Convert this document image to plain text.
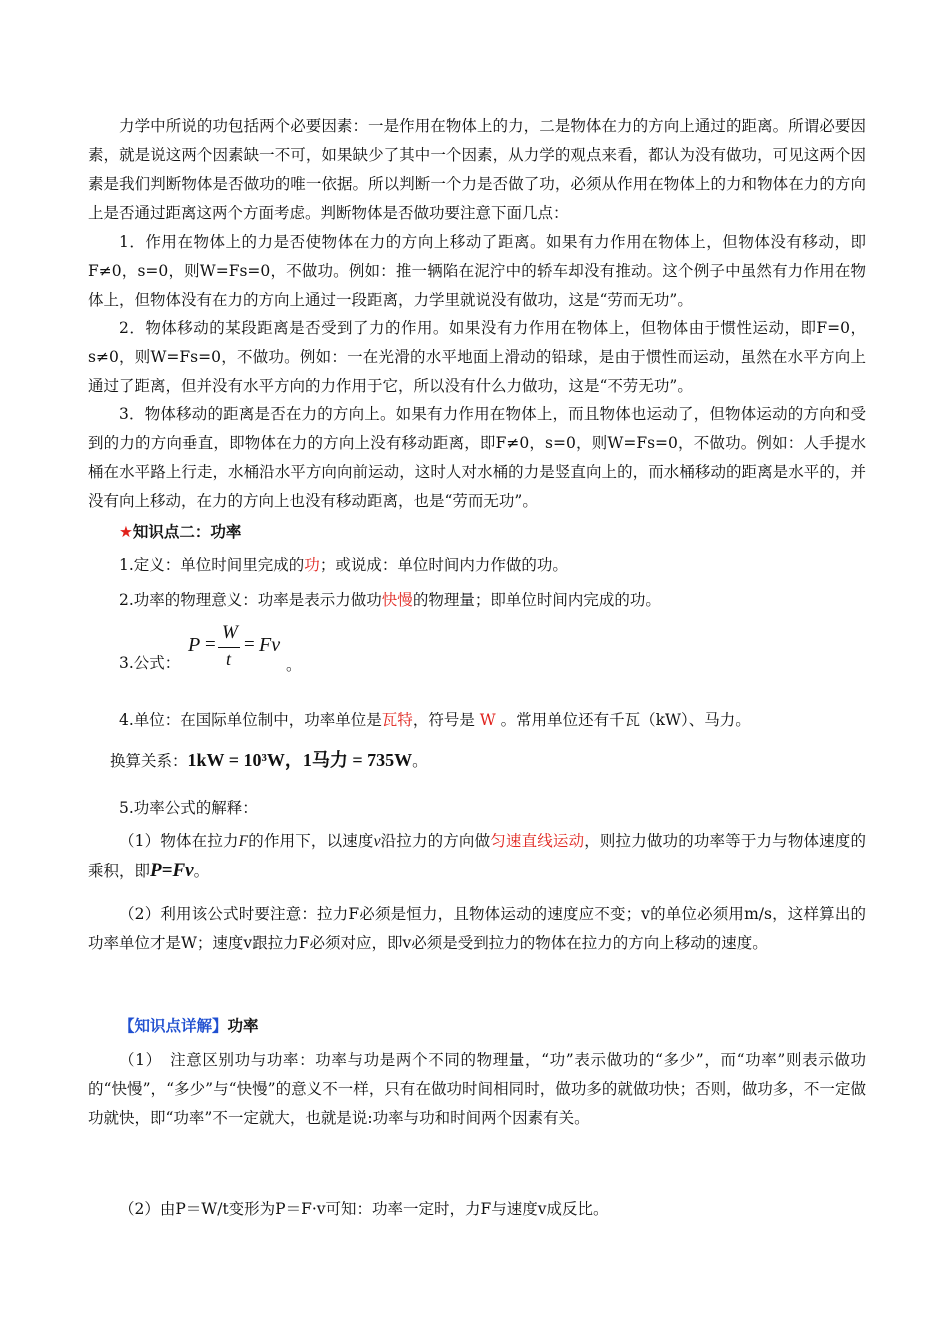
力学中所说的功包括两个必要因素：一是作用在物体上的力，二是物体在力的方向上通过的距离。所谓必要因素，就是说这两个因素缺一不可，如果缺少了其中一个因素，从力学的观点来看，都认为没有做功，可见这两个因素是我们判断物体是否做功的唯一依据。所以判断一个力是否做了功，必须从作用在物体上的力和物体在力的方向上是否通过距离这两个方面考虑。判断物体是否做功要注意下面几点：

1．作用在物体上的力是否使物体在力的方向上移动了距离。如果有力作用在物体上，但物体没有移动，即F≠0，s=0，则W=Fs=0，不做功。例如：推一辆陷在泥泞中的轿车却没有推动。这个例子中虽然有力作用在物体上，但物体没有在力的方向上通过一段距离，力学里就说没有做功，这是“劳而无功”。

2．物体移动的某段距离是否受到了力的作用。如果没有力作用在物体上，但物体由于惯性运动，即F=0，s≠0，则W=Fs=0，不做功。例如：一在光滑的水平地面上滑动的铅球，是由于惯性而运动，虽然在水平方向上通过了距离，但并没有水平方向的力作用于它，所以没有什么力做功，这是“不劳无功”。

3．物体移动的距离是否在力的方向上。如果有力作用在物体上，而且物体也运动了，但物体运动的方向和受到的力的方向垂直，即物体在力的方向上没有移动距离，即F≠0，s=0，则W=Fs=0，不做功。例如：人手提水桶在水平路上行走，水桶沿水平方向向前运动，这时人对水桶的力是竖直向上的，而水桶移动的距离是水平的，并没有向上移动，在力的方向上也没有移动距离，也是“劳而无功”。

★知识点二：功率

1.定义：单位时间里完成的功；或说成：单位时间内力作做的功。

2.功率的物理意义：功率是表示力做功快慢的物理量；即单位时间内完成的功。

3.公式：

P =
W
t
= Fv
。

4.单位：在国际单位制中，功率单位是瓦特，符号是 W 。常用单位还有千瓦（kW）、马力。

换算关系：1kW = 10³W，1马力 = 735W。

5.功率公式的解释：

（1）物体在拉力F的作用下，以速度v沿拉力的方向做匀速直线运动，则拉力做功的功率等于力与物体速度的乘积，即P=Fv。

（2）利用该公式时要注意：拉力F必须是恒力，且物体运动的速度应不变；v的单位必须用m/s，这样算出的功率单位才是W；速度v跟拉力F必须对应，即v必须是受到拉力的物体在拉力的方向上移动的速度。

【知识点详解】功率

（1）　注意区别功与功率：功率与功是两个不同的物理量，“功”表示做功的“多少”，而“功率”则表示做功的“快慢”，“多少”与“快慢”的意义不一样，只有在做功时间相同时，做功多的就做功快；否则，做功多，不一定做功就快，即“功率”不一定就大，也就是说:功率与功和时间两个因素有关。

（2）由P＝W/t变形为P＝F·v可知：功率一定时，力F与速度v成反比。
